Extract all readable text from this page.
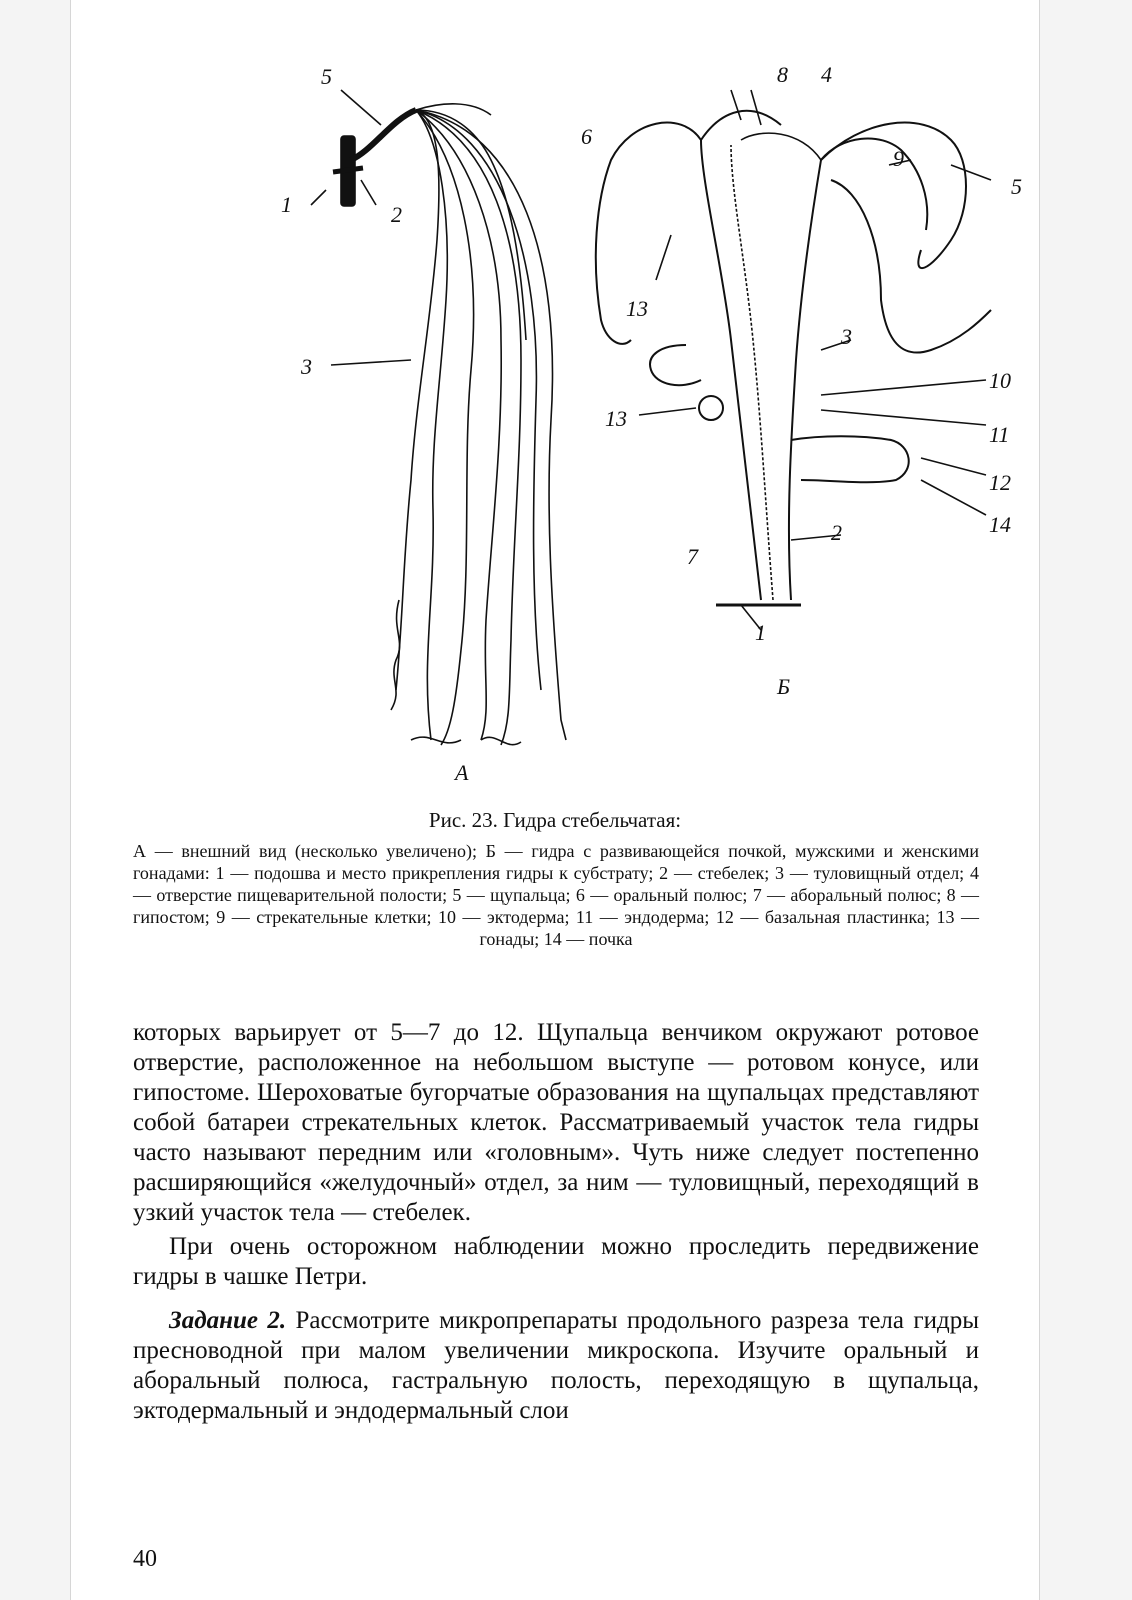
5
1	2
3
A
8 4
6
9
5
13
3
10
13
11
12
14
2
7
1
Б
Рис. 23. Гидра стебельчатая:

А — внешний вид (несколько увеличено); Б — гидра с развивающейся почкой, мужскими и женскими гонадами: 1 — подошва и место прикрепления гидры к субстрату; 2 — стебелек; 3 — туловищный отдел; 4 — отверстие пищеварительной полости; 5 — щупальца; 6 — оральный полюс; 7 — аборальный полюс; 8 — гипостом; 9 — стрекательные клетки; 10 — эктодерма; 11 — эндодерма; 12 — базальная пластинка; 13 — гонады; 14 — почка

которых варьирует от 5—7 до 12. Щупальца венчиком окружают ротовое отверстие, расположенное на небольшом выступе — ротовом конусе, или гипостоме. Шероховатые бугорчатые образования на щупальцах представляют собой батареи стрекательных клеток. Рассматриваемый участок тела гидры часто называют передним или «головным». Чуть ниже следует постепенно расширяющийся «желудочный» отдел, за ним — туловищный, переходящий в узкий участок тела — стебелек.

При очень осторожном наблюдении можно проследить передвижение гидры в чашке Петри.

Задание 2. Рассмотрите микропрепараты продольного разреза тела гидры пресноводной при малом увеличении микроскопа. Изучите оральный и аборальный полюса, гастральную полость, переходящую в щупальца, эктодермальный и эндодермальный слои

40
